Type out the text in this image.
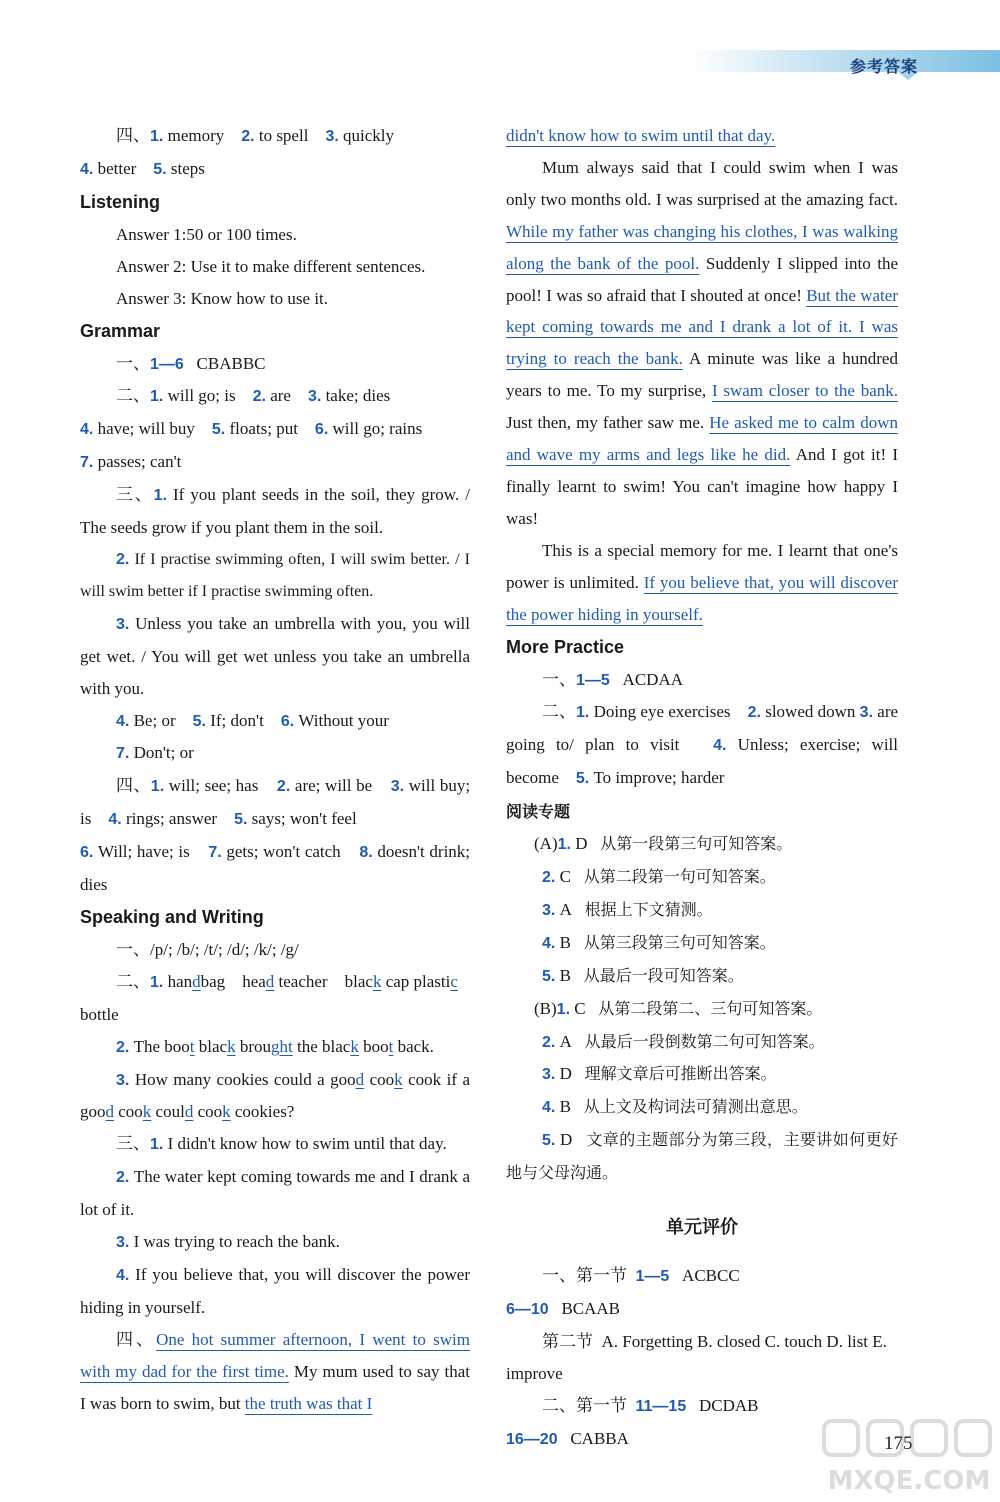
参考答案

四、1. memory 2. to spell 3. quickly

4. better 5. steps

Listening

Answer 1:50 or 100 times.

Answer 2: Use it to make different sentences.

Answer 3: Know how to use it.

Grammar

一、1—6 CBABBC

二、1. will go; is 2. are 3. take; dies

4. have; will buy 5. floats; put 6. will go; rains

7. passes; can't

三、1. If you plant seeds in the soil, they grow. / The seeds grow if you plant them in the soil.

2. If I practise swimming often, I will swim better. / I will swim better if I practise swimming often.

3. Unless you take an umbrella with you, you will get wet. / You will get wet unless you take an umbrella with you.

4. Be; or 5. If; don't 6. Without your

7. Don't; or

四、1. will; see; has 2. are; will be 3. will buy; is 4. rings; answer 5. says; won't feel

6. Will; have; is 7. gets; won't catch 8. doesn't drink; dies

Speaking and Writing

一、/p/; /b/; /t/; /d/; /k/; /g/

二、1. handbag head teacher black cap plastic bottle

2. The boot black brought the black boot back.

3. How many cookies could a good cook cook if a good cook could cook cookies?

三、1. I didn't know how to swim until that day.

2. The water kept coming towards me and I drank a lot of it.

3. I was trying to reach the bank.

4. If you believe that, you will discover the power hiding in yourself.

四、One hot summer afternoon, I went to swim with my dad for the first time. My mum used to say that I was born to swim, but the truth was that I

didn't know how to swim until that day.

Mum always said that I could swim when I was only two months old. I was surprised at the amazing fact. While my father was changing his clothes, I was walking along the bank of the pool. Suddenly I slipped into the pool! I was so afraid that I shouted at once! But the water kept coming towards me and I drank a lot of it. I was trying to reach the bank. A minute was like a hundred years to me. To my surprise, I swam closer to the bank. Just then, my father saw me. He asked me to calm down and wave my arms and legs like he did. And I got it! I finally learnt to swim! You can't imagine how happy I was!

This is a special memory for me. I learnt that one's power is unlimited. If you believe that, you will discover the power hiding in yourself.

More Practice

一、1—5 ACDAA

二、1. Doing eye exercises 2. slowed down 3. are going to/ plan to visit 4. Unless; exercise; will become 5. To improve; harder

阅读专题

(A)1. D 从第一段第三句可知答案。

2. C 从第二段第一句可知答案。

3. A 根据上下文猜测。

4. B 从第三段第三句可知答案。

5. B 从最后一段可知答案。

(B)1. C 从第二段第二、三句可知答案。

2. A 从最后一段倒数第二句可知答案。

3. D 理解文章后可推断出答案。

4. B 从上文及构词法可猜测出意思。

5. D 文章的主题部分为第三段，主要讲如何更好地与父母沟通。

单元评价

一、第一节 1—5 ACBCC

6—10 BCAAB

第二节 A. Forgetting B. closed C. touch D. list E. improve

二、第一节 11—15 DCDAB

16—20 CABBA	175
MXQE.COM
